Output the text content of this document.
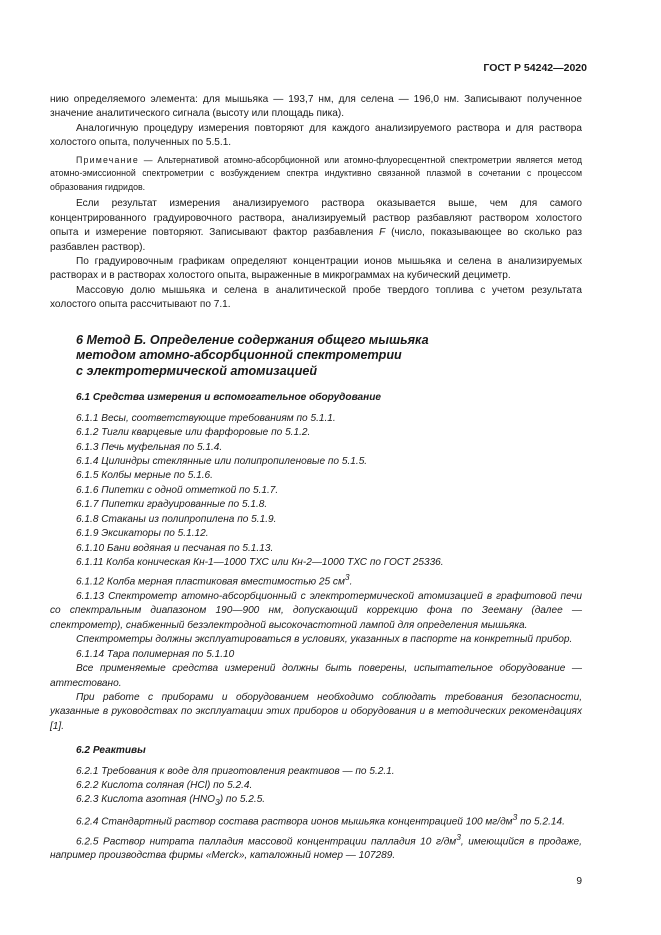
ГОСТ Р 54242—2020

нию определяемого элемента: для мышьяка — 193,7 нм, для селена — 196,0 нм. Записывают полученное значение аналитического сигнала (высоту или площадь пика).

Аналогичную процедуру измерения повторяют для каждого анализируемого раствора и для раствора холостого опыта, полученных по 5.5.1.

Примечание — Альтернативой атомно-абсорбционной или атомно-флуоресцентной спектрометрии является метод атомно-эмиссионной спектрометрии с возбуждением спектра индуктивно связанной плазмой в сочетании с процессом образования гидридов.

Если результат измерения анализируемого раствора оказывается выше, чем для самого концентрированного градуировочного раствора, анализируемый раствор разбавляют раствором холостого опыта и измерение повторяют. Записывают фактор разбавления F (число, показывающее во сколько раз разбавлен раствор).

По градуировочным графикам определяют концентрации ионов мышьяка и селена в анализируемых растворах и в растворах холостого опыта, выраженные в микрограммах на кубический дециметр.

Массовую долю мышьяка и селена в аналитической пробе твердого топлива с учетом результата холостого опыта рассчитывают по 7.1.

6 Метод Б. Определение содержания общего мышьяка
методом атомно-абсорбционной спектрометрии
с электротермической атомизацией

6.1 Средства измерения и вспомогательное оборудование

6.1.1 Весы, соответствующие требованиям по 5.1.1.

6.1.2 Тигли кварцевые или фарфоровые по 5.1.2.

6.1.3 Печь муфельная по 5.1.4.

6.1.4 Цилиндры стеклянные или полипропиленовые по 5.1.5.

6.1.5 Колбы мерные по 5.1.6.

6.1.6 Пипетки с одной отметкой по 5.1.7.

6.1.7 Пипетки градуированные по 5.1.8.

6.1.8 Стаканы из полипропилена по 5.1.9.

6.1.9 Эксикаторы по 5.1.12.

6.1.10 Бани водяная и песчаная по 5.1.13.

6.1.11 Колба коническая Кн-1—1000 ТХС или Кн-2—1000 ТХС по ГОСТ 25336.

6.1.12 Колба мерная пластиковая вместимостью 25 $см^3$.

6.1.13 Спектрометр атомно-абсорбционный с электротермической атомизацией в графитовой печи со спектральным диапазоном 190—900 нм, допускающий коррекцию фона по Зееману (далее — спектрометр), снабженный безэлектродной высокочастотной лампой для определения мышьяка.

Спектрометры должны эксплуатироваться в условиях, указанных в паспорте на конкретный прибор.

6.1.14 Тара полимерная по 5.1.10

Все применяемые средства измерений должны быть поверены, испытательное оборудование — аттестовано.

При работе с приборами и оборудованием необходимо соблюдать требования безопасности, указанные в руководствах по эксплуатации этих приборов и оборудования и в методических рекомендациях [1].

6.2 Реактивы

6.2.1 Требования к воде для приготовления реактивов — по 5.2.1.

6.2.2 Кислота соляная (HCl) по 5.2.4.

6.2.3 Кислота азотная $(HNO_3)$ по 5.2.5.

6.2.4 Стандартный раствор состава раствора ионов мышьяка концентрацией 100 $мг/дм^3$ по 5.2.14.

6.2.5 Раствор нитрата палладия массовой концентрации палладия 10 $г/дм^3$, имеющийся в продаже, например производства фирмы «Merck», каталожный номер — 107289.

9
